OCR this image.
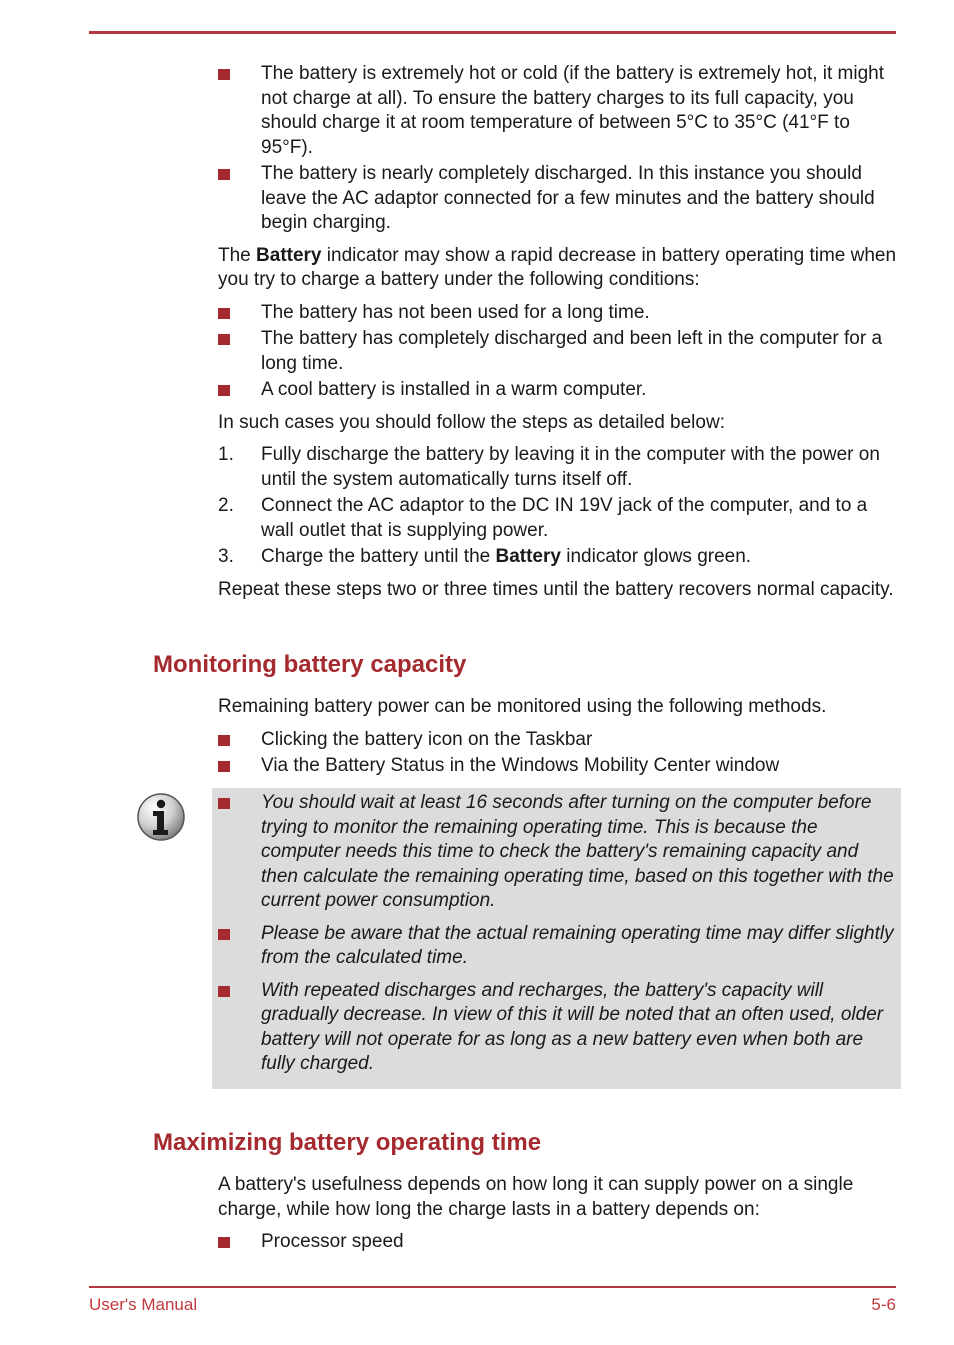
The battery is extremely hot or cold (if the battery is extremely hot, it might not charge at all). To ensure the battery charges to its full capacity, you should charge it at room temperature of between 5°C to 35°C (41°F to 95°F).
The battery is nearly completely discharged. In this instance you should leave the AC adaptor connected for a few minutes and the battery should begin charging.

The Battery indicator may show a rapid decrease in battery operating time when you try to charge a battery under the following conditions:

The battery has not been used for a long time.
The battery has completely discharged and been left in the computer for a long time.
A cool battery is installed in a warm computer.

In such cases you should follow the steps as detailed below:

1. Fully discharge the battery by leaving it in the computer with the power on until the system automatically turns itself off.
2. Connect the AC adaptor to the DC IN 19V jack of the computer, and to a wall outlet that is supplying power.
3. Charge the battery until the Battery indicator glows green.

Repeat these steps two or three times until the battery recovers normal capacity.

Monitoring battery capacity

Remaining battery power can be monitored using the following methods.

Clicking the battery icon on the Taskbar
Via the Battery Status in the Windows Mobility Center window
You should wait at least 16 seconds after turning on the computer before trying to monitor the remaining operating time. This is because the computer needs this time to check the battery's remaining capacity and then calculate the remaining operating time, based on this together with the current power consumption.
Please be aware that the actual remaining operating time may differ slightly from the calculated time.
With repeated discharges and recharges, the battery's capacity will gradually decrease. In view of this it will be noted that an often used, older battery will not operate for as long as a new battery even when both are fully charged.
Maximizing battery operating time

A battery's usefulness depends on how long it can supply power on a single charge, while how long the charge lasts in a battery depends on:

Processor speed
User's Manual	5-6
